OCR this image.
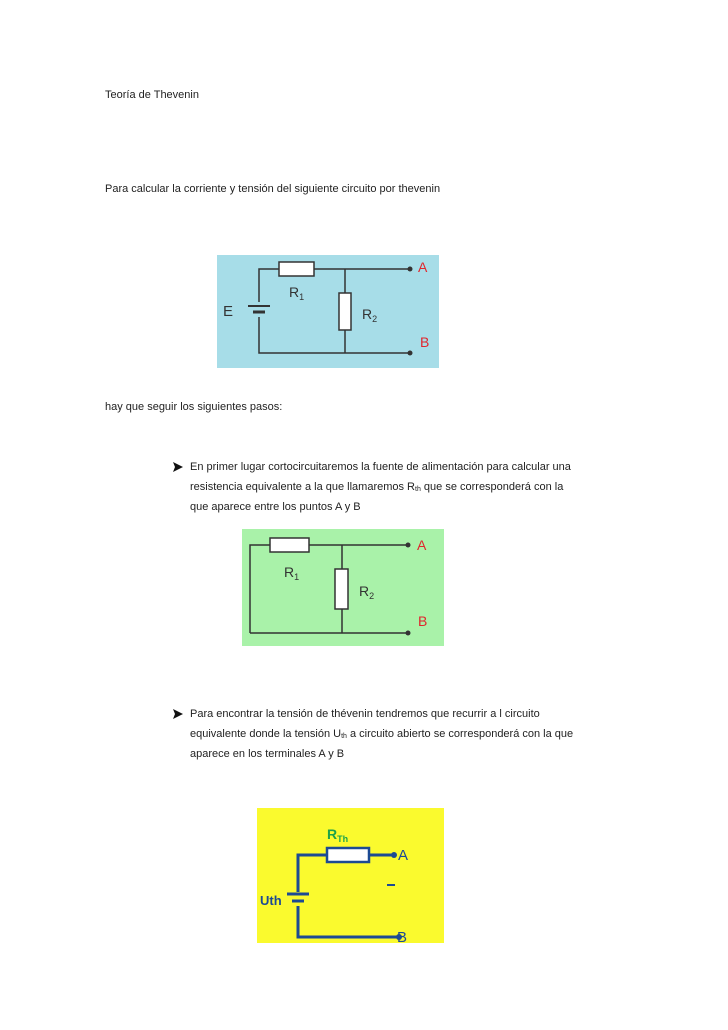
Teoría de Thevenin
Para calcular la corriente y tensión del siguiente circuito por thevenin
E
$R_1$
$R_2$
A
B
hay que seguir los siguientes pasos:
En primer lugar cortocircuitaremos la fuente de alimentación para calcular una
resistencia equivalente a la que llamaremos $R_{th}$ que se corresponderá con la
que aparece entre los puntos A y B
$R_1$
$R_2$
A
B
Para encontrar la tensión de thévenin tendremos que recurrir a l circuito
equivalente donde la tensión $U_{th}$ a circuito abierto se corresponderá con la que
aparece en los terminales A y B
$R_{Th}$
Uth
A
B
